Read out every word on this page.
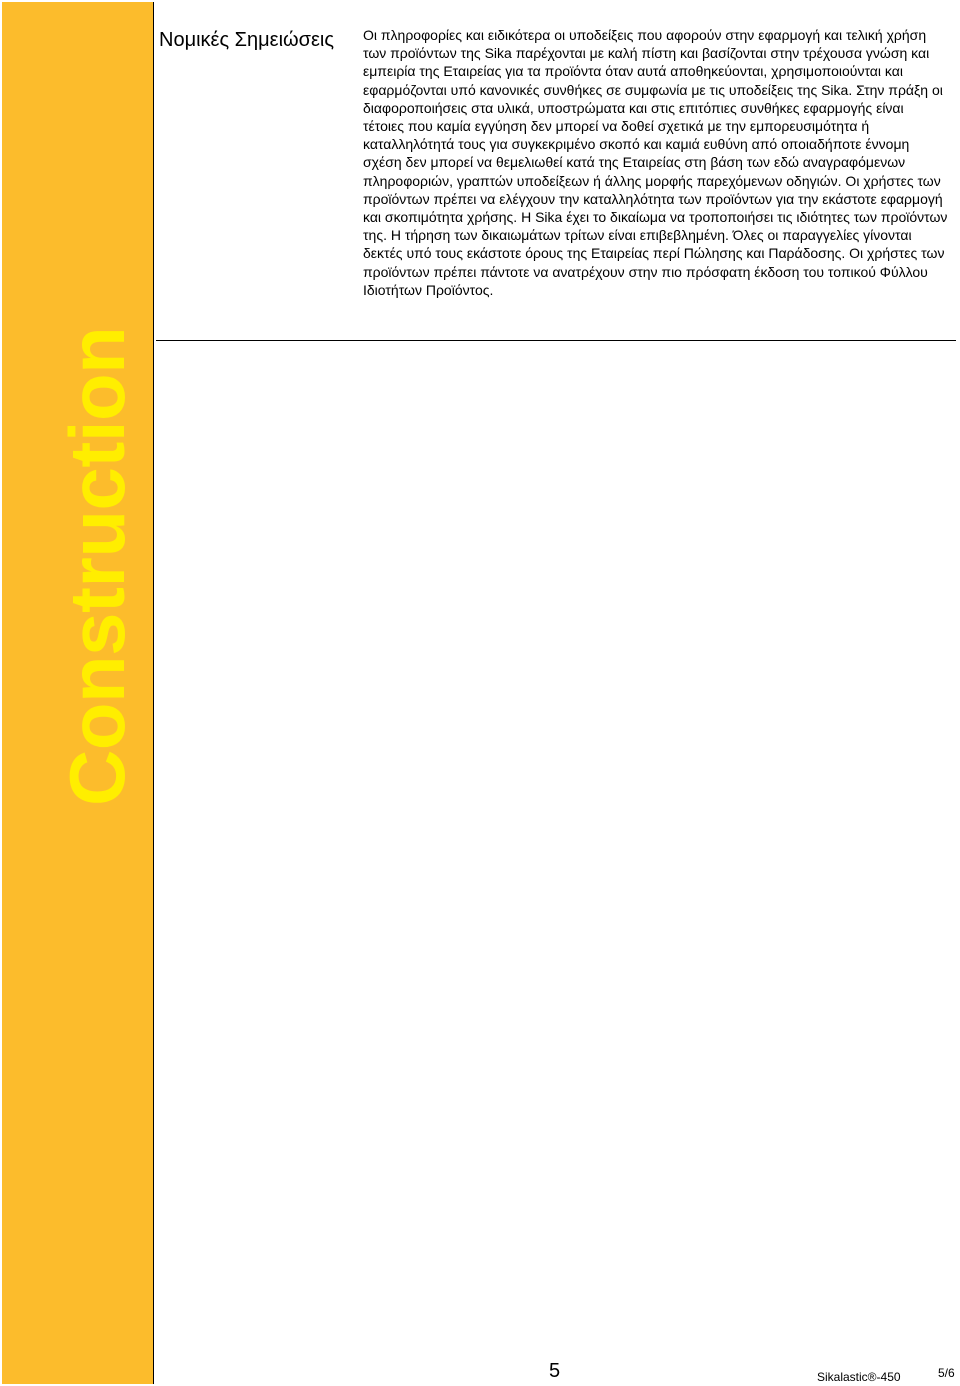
Construction
Νομικές Σημειώσεις	Οι πληροφορίες και ειδικότερα οι υποδείξεις που αφορούν στην εφαρμογή και τελική χρήση των προϊόντων της Sika παρέχονται με καλή πίστη και βασίζονται στην τρέχουσα γνώση και εμπειρία της Εταιρείας για τα προϊόντα όταν αυτά αποθηκεύονται, χρησιμοποιούνται και εφαρμόζονται υπό κανονικές συνθήκες σε συμφωνία με τις υποδείξεις της Sika. Στην πράξη οι διαφοροποιήσεις στα υλικά, υποστρώματα και στις επιτόπιες συνθήκες εφαρμογής είναι τέτοιες που καμία εγγύηση δεν μπορεί να δοθεί σχετικά με την εμπορευσιμότητα ή καταλληλότητά τους για συγκεκριμένο σκοπό και καμιά ευθύνη από οποιαδήποτε έννομη σχέση δεν μπορεί να θεμελιωθεί κατά της Εταιρείας στη βάση των εδώ αναγραφόμενων πληροφοριών, γραπτών υποδείξεων ή άλλης μορφής παρεχόμενων οδηγιών. Οι χρήστες των προϊόντων πρέπει να ελέγχουν την καταλληλότητα των προϊόντων για την εκάστοτε εφαρμογή και σκοπιμότητα χρήσης. Η Sika έχει το δικαίωμα να τροποποιήσει τις ιδιότητες των προϊόντων της. Η τήρηση των δικαιωμάτων τρίτων είναι επιβεβλημένη. Όλες οι παραγγελίες γίνονται δεκτές υπό τους εκάστοτε όρους της Εταιρείας περί Πώλησης και Παράδοσης. Οι χρήστες των προϊόντων πρέπει πάντοτε να ανατρέχουν στην πιο πρόσφατη έκδοση του τοπικού Φύλλου Ιδιοτήτων Προϊόντος.
5	Sikalastic®-450	5/6
